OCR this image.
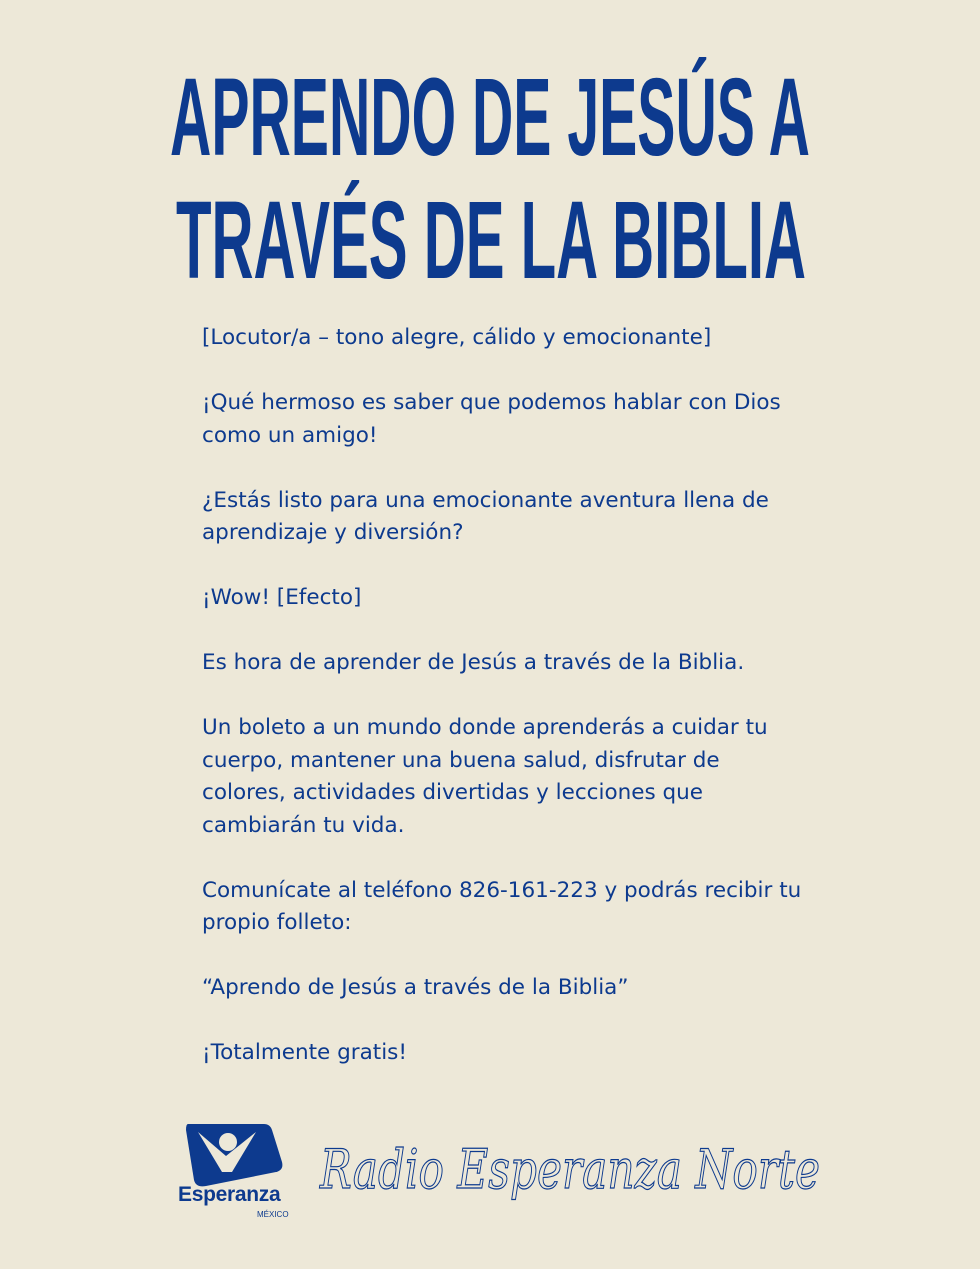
APRENDO DE JESÚS A
TRAVÉS DE LA BIBLIA

[Locutor/a – tono alegre, cálido y emocionante]

¡Qué hermoso es saber que podemos hablar con Dios como un amigo!

¿Estás listo para una emocionante aventura llena de aprendizaje y diversión?

¡Wow! [Efecto]

Es hora de aprender de Jesús a través de la Biblia.

Un boleto a un mundo donde aprenderás a cuidar tu cuerpo, mantener una buena salud, disfrutar de colores, actividades divertidas y lecciones que cambiarán tu vida.

Comunícate al teléfono 826-161-223 y podrás recibir tu propio folleto:

“Aprendo de Jesús a través de la Biblia”

¡Totalmente gratis!

Esperanza
MÉXICO
Radio Esperanza Norte
